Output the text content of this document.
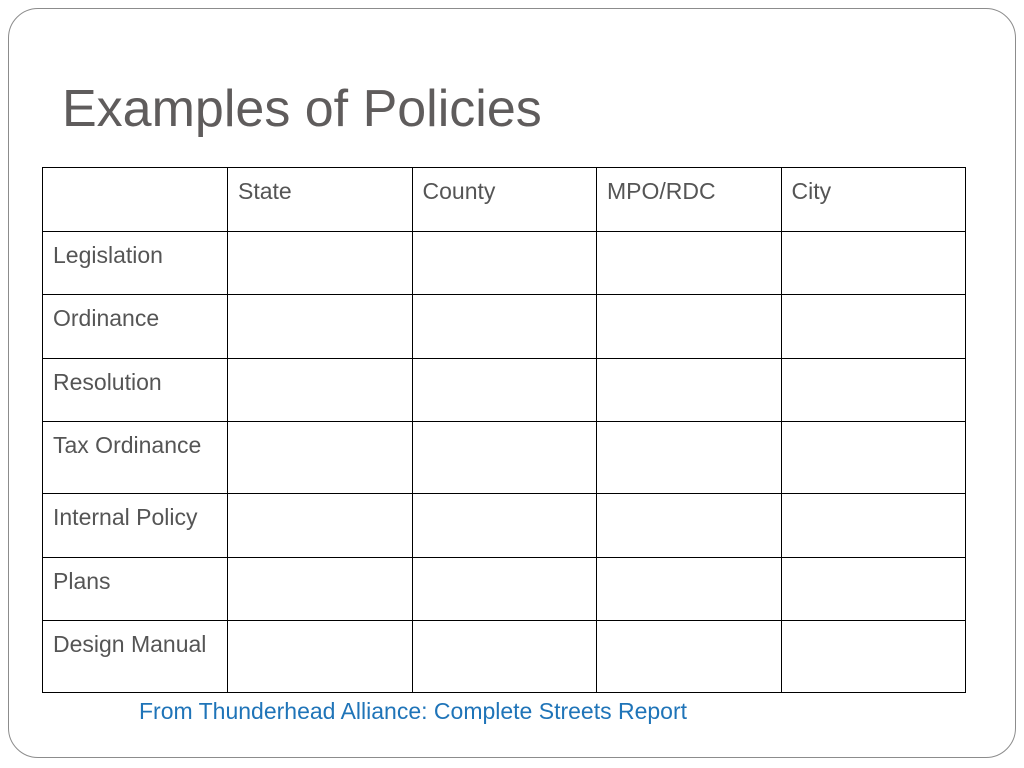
Examples of Policies
	State	County	MPO/RDC	City
Legislation				
Ordinance				
Resolution				
Tax Ordinance				
Internal Policy				
Plans				
Design Manual				
From Thunderhead Alliance: Complete Streets Report
